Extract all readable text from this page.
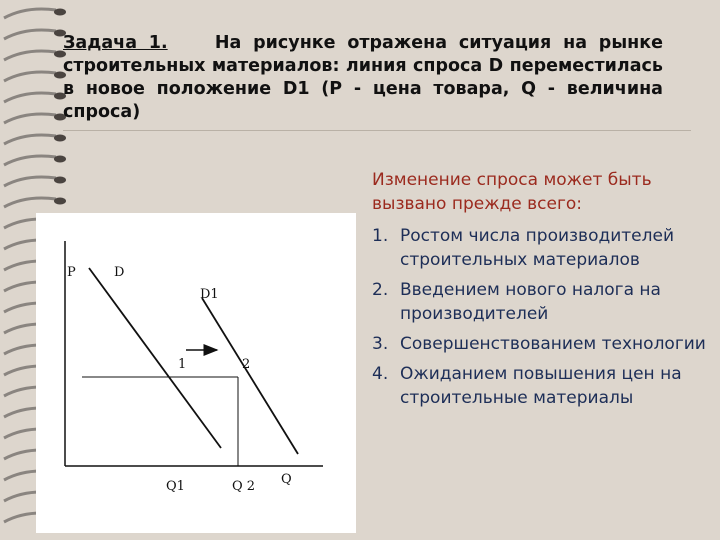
Задача 1.	На рисунке отражена ситуация на рынке строительных материалов: линия спроса D переместилась в новое положение D1 (Р - цена товара, Q - величина спроса)
P	D
D1
1	2
Q1	Q 2 Q

Изменение спроса может быть вызвано прежде всего:

1. Ростом числа производителей строительных материалов
2. Введением нового налога на производителей
3. Совершенствованием технологии
4. Ожиданием повышения цен на строительные материалы
